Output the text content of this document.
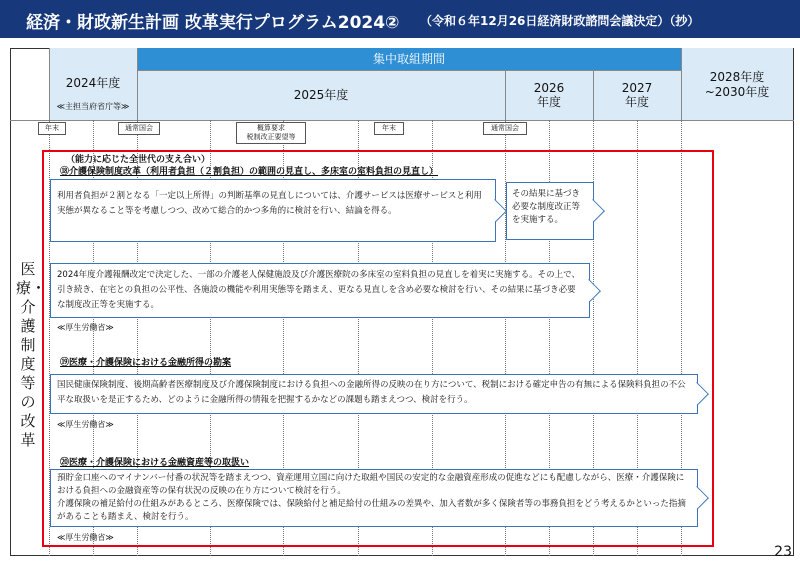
経済・財政新生計画 改革実行プログラム2024② （令和６年12月26日経済財政諮問会議決定）（抄）
2024年度
≪主担当府省庁等≫
集中取組期間
2025年度	2026
年度
2027
年度
2028年度
~2030年度
年末	通常国会	概算要求
税制改正要望等
年末	通常国会
医療・介護制度等の改革
（能力に応じた全世代の支え合い）
⑱介護保険制度改革（利用者負担（２割負担）の範囲の見直し、多床室の室料負担の見直し）
利用者負担が２割となる「一定以上所得」の判断基準の見直しについては、介護サービスは医療サービスと利用実態が異なること等を考慮しつつ、改めて総合的かつ多角的に検討を行い、結論を得る。
その結果に基づき必要な制度改正等を実施する。
2024年度介護報酬改定で決定した、一部の介護老人保健施設及び介護医療院の多床室の室料負担の見直しを着実に実施する。その上で、引き続き、在宅との負担の公平性、各施設の機能や利用実態等を踏まえ、更なる見直しを含め必要な検討を行い、その結果に基づき必要な制度改正等を実施する。
≪厚生労働省≫
⑲医療・介護保険における金融所得の勘案
国民健康保険制度、後期高齢者医療制度及び介護保険制度における負担への金融所得の反映の在り方について、税制における確定申告の有無による保険料負担の不公平な取扱いを是正するため、どのように金融所得の情報を把握するかなどの課題も踏まえつつ、検討を行う。
≪厚生労働省≫
⑳医療・介護保険における金融資産等の取扱い
預貯金口座へのマイナンバー付番の状況等を踏まえつつ、資産運用立国に向けた取組や国民の安定的な金融資産形成の促進などにも配慮しながら、医療・介護保険における負担への金融資産等の保有状況の反映の在り方について検討を行う。
介護保険の補足給付の仕組みがあるところ、医療保険では、保険給付と補足給付の仕組みの差異や、加入者数が多く保険者等の事務負担をどう考えるかといった指摘があることも踏まえ、検討を行う。
≪厚生労働省≫
23
